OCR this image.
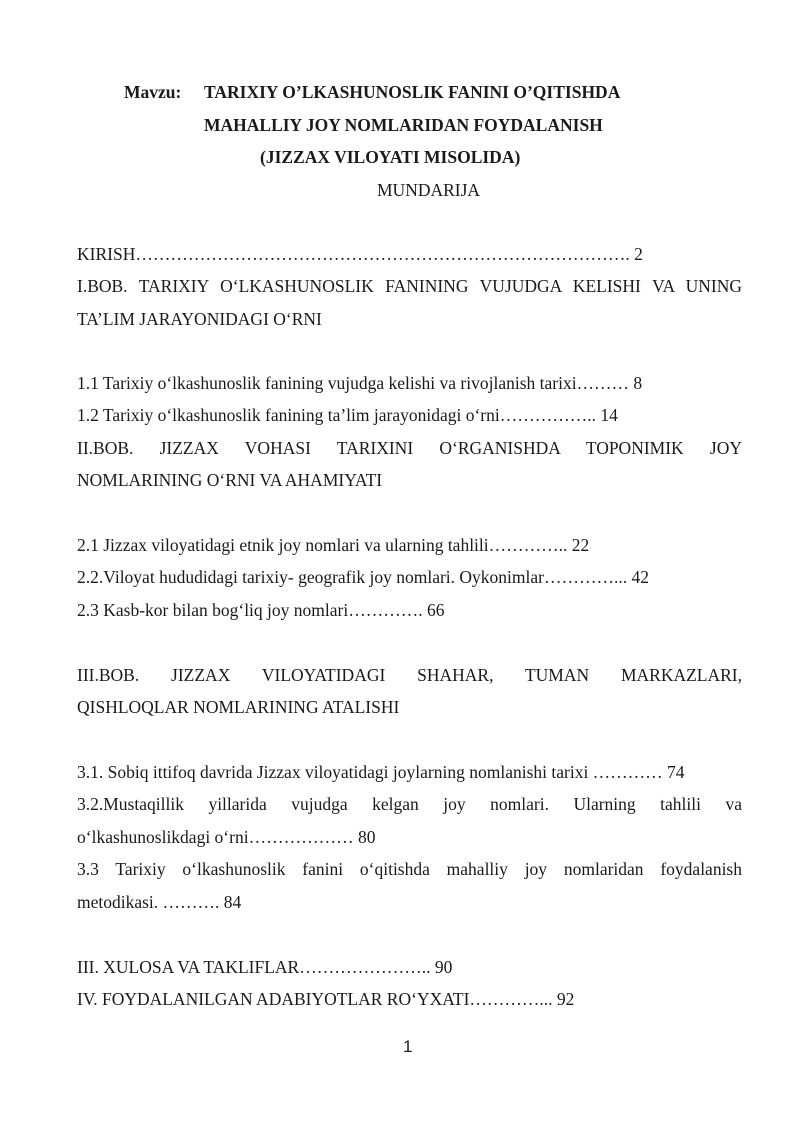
Mavzu: TARIXIY O’LKASHUNOSLIK FANINI O’QITISHDA
MAHALLIY JOY NOMLARIDAN FOYDALANISH
(JIZZAX VILOYATI MISOLIDA)
MUNDARIJA
KIRISH…………………………………………………………………………. 2
I.BOB. TARIXIY O‘LKASHUNOSLIK FANINING VUJUDGA KELISHI VA UNING
TA’LIM JARAYONIDAGI O‘RNI
1.1 Tarixiy o‘lkashunoslik fanining vujudga kelishi va rivojlanish tarixi……… 8
1.2 Tarixiy o‘lkashunoslik fanining ta’lim jarayonidagi o‘rni…………….. 14
II.BOB. JIZZAX VOHASI TARIXINI O‘RGANISHDA TOPONIMIK JOY
NOMLARINING O‘RNI VA AHAMIYATI
2.1 Jizzax viloyatidagi etnik joy nomlari va ularning tahlili………….. 22
2.2.Viloyat hududidagi tarixiy- geografik joy nomlari. Oykonimlar…………... 42
2.3 Kasb-kor bilan bog‘liq joy nomlari…………. 66
III.BOB. JIZZAX VILOYATIDAGI SHAHAR, TUMAN MARKAZLARI,
QISHLOQLAR NOMLARINING ATALISHI
3.1. Sobiq ittifoq davrida Jizzax viloyatidagi joylarning nomlanishi tarixi ………… 74
3.2.Mustaqillik yillarida vujudga kelgan joy nomlari. Ularning tahlili va
o‘lkashunoslikdagi o‘rni……………… 80
3.3 Tarixiy o‘lkashunoslik fanini o‘qitishda mahalliy joy nomlaridan foydalanish
metodikasi. ………. 84
III. XULOSA VA TAKLIFLAR………………….. 90
IV. FOYDALANILGAN ADABIYOTLAR RO‘YXATI…………... 92
1
